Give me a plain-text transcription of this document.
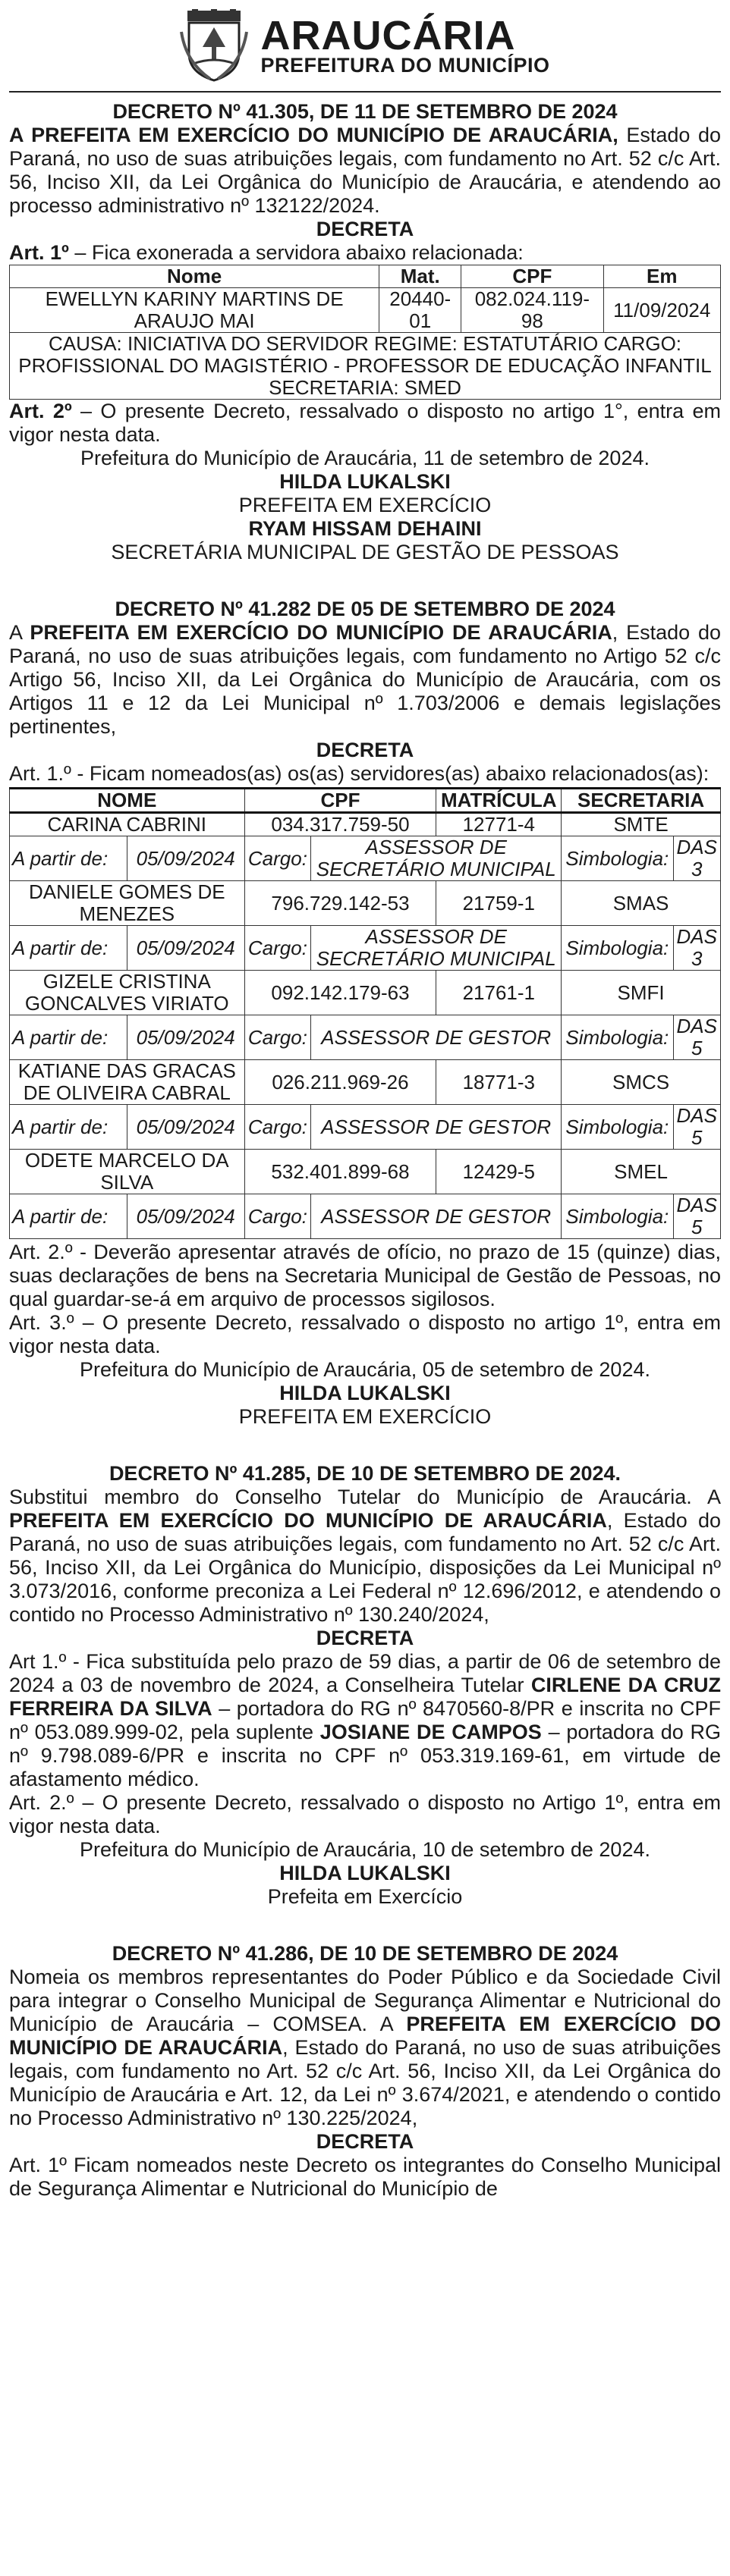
ARAUCÁRIA
PREFEITURA DO MUNICÍPIO
DECRETO Nº 41.305, DE 11 DE SETEMBRO DE 2024
A PREFEITA EM EXERCÍCIO DO MUNICÍPIO DE ARAUCÁRIA, Estado do Paraná, no uso de suas atribuições legais, com fundamento no Art. 52 c/c Art. 56, Inciso XII, da Lei Orgânica do Município de Araucária, e atendendo ao processo administrativo nº 132122/2024.
DECRETA
Art. 1º – Fica exonerada a servidora abaixo relacionada:
Nome	Mat.	CPF	Em
EWELLYN KARINY MARTINS DE ARAUJO MAI	20440-01	082.024.119-98	11/09/2024
CAUSA: INICIATIVA DO SERVIDOR REGIME: ESTATUTÁRIO CARGO: PROFISSIONAL DO MAGISTÉRIO - PROFESSOR DE EDUCAÇÃO INFANTIL SECRETARIA: SMED			
Art. 2º – O presente Decreto, ressalvado o disposto no artigo 1°, entra em vigor nesta data.
Prefeitura do Município de Araucária, 11 de setembro de 2024.
HILDA LUKALSKI
PREFEITA EM EXERCÍCIO
RYAM HISSAM DEHAINI
SECRETÁRIA MUNICIPAL DE GESTÃO DE PESSOAS
DECRETO Nº 41.282 DE 05 DE SETEMBRO DE 2024
A PREFEITA EM EXERCÍCIO DO MUNICÍPIO DE ARAUCÁRIA, Estado do Paraná, no uso de suas atribuições legais, com fundamento no Artigo 52 c/c Artigo 56, Inciso XII, da Lei Orgânica do Município de Araucária, com os Artigos 11 e 12 da Lei Municipal nº 1.703/2006 e demais legislações pertinentes,
DECRETA
Art. 1.º - Ficam nomeados(as) os(as) servidores(as) abaixo relacionados(as):
NOME		CPF		MATRÍCULA	SECRETARIA	
CARINA CABRINI		034.317.759-50		12771-4	SMTE	
A partir de:	05/09/2024	Cargo:	ASSESSOR DE SECRETÁRIO MUNICIPAL		Simbologia:	DAS 3
DANIELE GOMES DE MENEZES		796.729.142-53		21759-1	SMAS	
A partir de:	05/09/2024	Cargo:	ASSESSOR DE SECRETÁRIO MUNICIPAL		Simbologia:	DAS 3
GIZELE CRISTINA GONCALVES VIRIATO		092.142.179-63		21761-1	SMFI	
A partir de:	05/09/2024	Cargo:	ASSESSOR DE GESTOR		Simbologia:	DAS 5
KATIANE DAS GRACAS DE OLIVEIRA CABRAL		026.211.969-26		18771-3	SMCS	
A partir de:	05/09/2024	Cargo:	ASSESSOR DE GESTOR		Simbologia:	DAS 5
ODETE MARCELO DA SILVA		532.401.899-68		12429-5	SMEL	
A partir de:	05/09/2024	Cargo:	ASSESSOR DE GESTOR		Simbologia:	DAS 5
Art. 2.º - Deverão apresentar através de ofício, no prazo de 15 (quinze) dias, suas declarações de bens na Secretaria Municipal de Gestão de Pessoas, no qual guardar-se-á em arquivo de processos sigilosos.
Art. 3.º – O presente Decreto, ressalvado o disposto no artigo 1º, entra em vigor nesta data.
Prefeitura do Município de Araucária, 05 de setembro de 2024.
HILDA LUKALSKI
PREFEITA EM EXERCÍCIO
DECRETO Nº 41.285, DE 10 DE SETEMBRO DE 2024.
Substitui membro do Conselho Tutelar do Município de Araucária. A PREFEITA EM EXERCÍCIO DO MUNICÍPIO DE ARAUCÁRIA, Estado do Paraná, no uso de suas atribuições legais, com fundamento no Art. 52 c/c Art. 56, Inciso XII, da Lei Orgânica do Município, disposições da Lei Municipal nº 3.073/2016, conforme preconiza a Lei Federal nº 12.696/2012, e atendendo o contido no Processo Administrativo nº 130.240/2024,
DECRETA
Art 1.º - Fica substituída pelo prazo de 59 dias, a partir de 06 de setembro de 2024 a 03 de novembro de 2024, a Conselheira Tutelar CIRLENE DA CRUZ FERREIRA DA SILVA – portadora do RG nº 8470560-8/PR e inscrita no CPF nº 053.089.999-02, pela suplente JOSIANE DE CAMPOS – portadora do RG nº 9.798.089-6/PR e inscrita no CPF nº 053.319.169-61, em virtude de afastamento médico.
Art. 2.º – O presente Decreto, ressalvado o disposto no Artigo 1º, entra em vigor nesta data.
Prefeitura do Município de Araucária, 10 de setembro de 2024.
HILDA LUKALSKI
Prefeita em Exercício
DECRETO Nº 41.286, DE 10 DE SETEMBRO DE 2024
Nomeia os membros representantes do Poder Público e da Sociedade Civil para integrar o Conselho Municipal de Segurança Alimentar e Nutricional do Município de Araucária – COMSEA. A PREFEITA EM EXERCÍCIO DO MUNICÍPIO DE ARAUCÁRIA, Estado do Paraná, no uso de suas atribuições legais, com fundamento no Art. 52 c/c Art. 56, Inciso XII, da Lei Orgânica do Município de Araucária e Art. 12, da Lei nº 3.674/2021, e atendendo o contido no Processo Administrativo nº 130.225/2024,
DECRETA
Art. 1º Ficam nomeados neste Decreto os integrantes do Conselho Municipal de Segurança Alimentar e Nutricional do Município de
